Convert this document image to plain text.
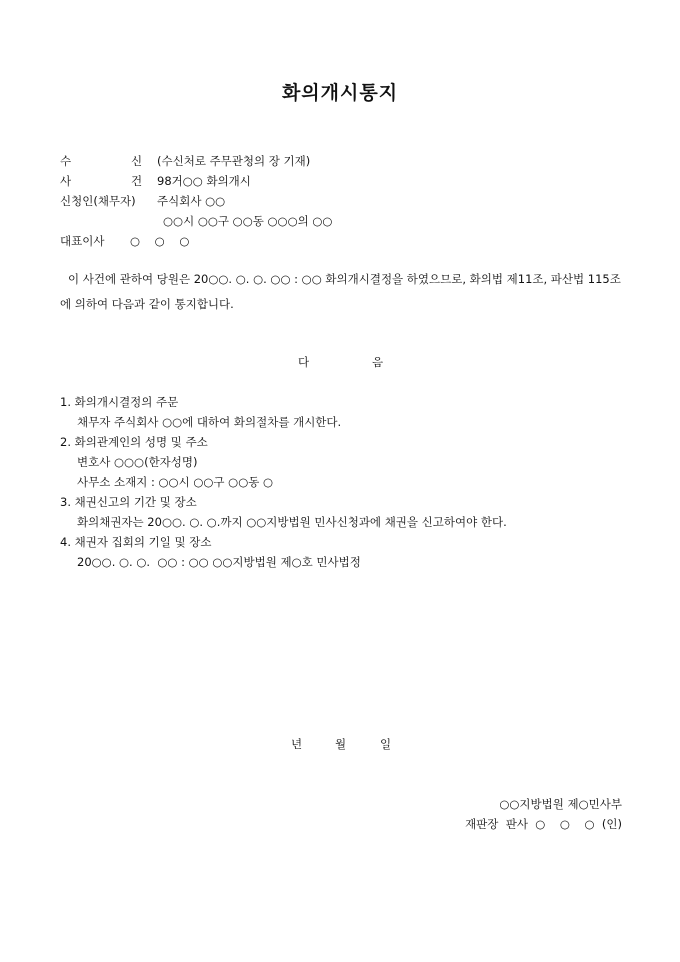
화의개시통지
수	신 (수신처로 주무관청의 장 기재)
사	건 98거○○ 화의개시
신청인(채무자) 주식회사 ○○
○○시 ○○구 ○○동 ○○○의 ○○
대표이사 ○    ○    ○
이 사건에 관하여 당원은 20○○. ○. ○. ○○ : ○○ 화의개시결정을 하였으므로, 화의법 제11조, 파산법 115조에 의하여 다음과 같이 통지합니다.
다	음
1. 화의개시결정의 주문
채무자 주식회사 ○○에 대하여 화의절차를 개시한다.
2. 화의관계인의 성명 및 주소
변호사 ○○○(한자성명)
사무소 소재지 : ○○시 ○○구 ○○동 ○
3. 채권신고의 기간 및 장소
화의채권자는 20○○. ○. ○.까지 ○○지방법원 민사신청과에 채권을 신고하여야 한다.
4. 채권자 집회의 기일 및 장소
20○○. ○. ○.  ○○ : ○○ ○○지방법원 제○호 민사법정
년	월	일
○○지방법원 제○민사부
재판장  판사  ○    ○    ○  (인)
